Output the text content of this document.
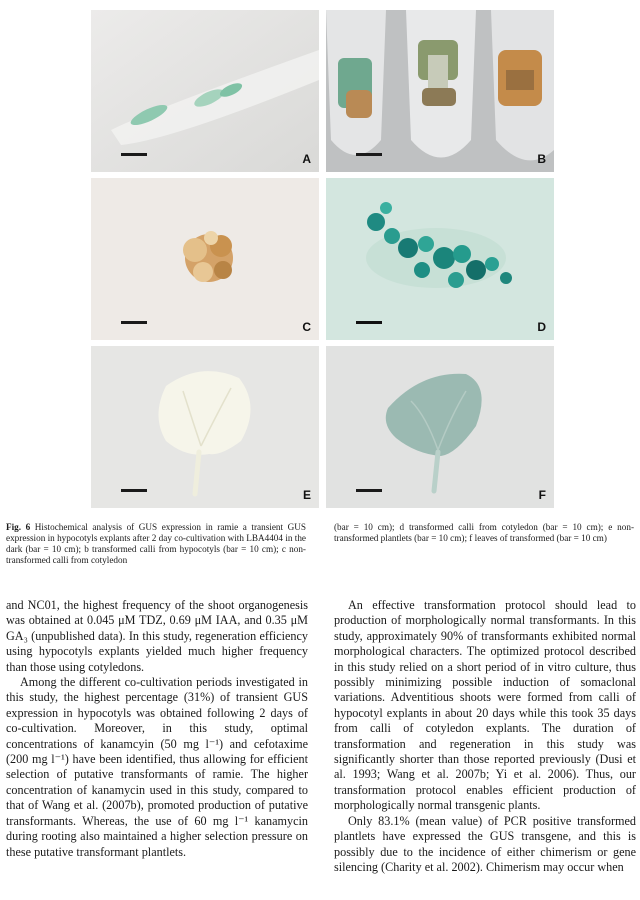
A	B
C	D
E	F
Fig. 6 Histochemical analysis of GUS expression in ramie a transient GUS expression in hypocotyls explants after 2 day co-cultivation with LBA4404 in the dark (bar = 10 cm); b transformed calli from hypocotyls (bar = 10 cm); c non-transformed calli from cotyledon
(bar = 10 cm); d transformed calli from cotyledon (bar = 10 cm); e non-transformed plantlets (bar = 10 cm); f leaves of transformed (bar = 10 cm)

and NC01, the highest frequency of the shoot organogenesis was obtained at 0.045 μM TDZ, 0.69 μM IAA, and 0.35 μM GA₃ (unpublished data). In this study, regeneration efficiency using hypocotyls explants yielded much higher frequency than those using cotyledons.

Among the different co-cultivation periods investigated in this study, the highest percentage (31%) of transient GUS expression in hypocotyls was obtained following 2 days of co-cultivation. Moreover, in this study, optimal concentrations of kanamcyin (50 mg l⁻¹) and cefotaxime (200 mg l⁻¹) have been identified, thus allowing for efficient selection of putative transformants of ramie. The higher concentration of kanamycin used in this study, compared to that of Wang et al. (2007b), promoted production of putative transformants. Whereas, the use of 60 mg l⁻¹ kanamycin during rooting also maintained a higher selection pressure on these putative transformant plantlets.

An effective transformation protocol should lead to production of morphologically normal transformants. In this study, approximately 90% of transformants exhibited normal morphological characters. The optimized protocol described in this study relied on a short period of in vitro culture, thus possibly minimizing possible induction of somaclonal variations. Adventitious shoots were formed from calli of hypocotyl explants in about 20 days while this took 35 days from calli of cotyledon explants. The duration of transformation and regeneration in this study was significantly shorter than those reported previously (Dusi et al. 1993; Wang et al. 2007b; Yi et al. 2006). Thus, our transformation protocol enables efficient production of morphologically normal transgenic plants.

Only 83.1% (mean value) of PCR positive transformed plantlets have expressed the GUS transgene, and this is possibly due to the incidence of either chimerism or gene silencing (Charity et al. 2002). Chimerism may occur when
